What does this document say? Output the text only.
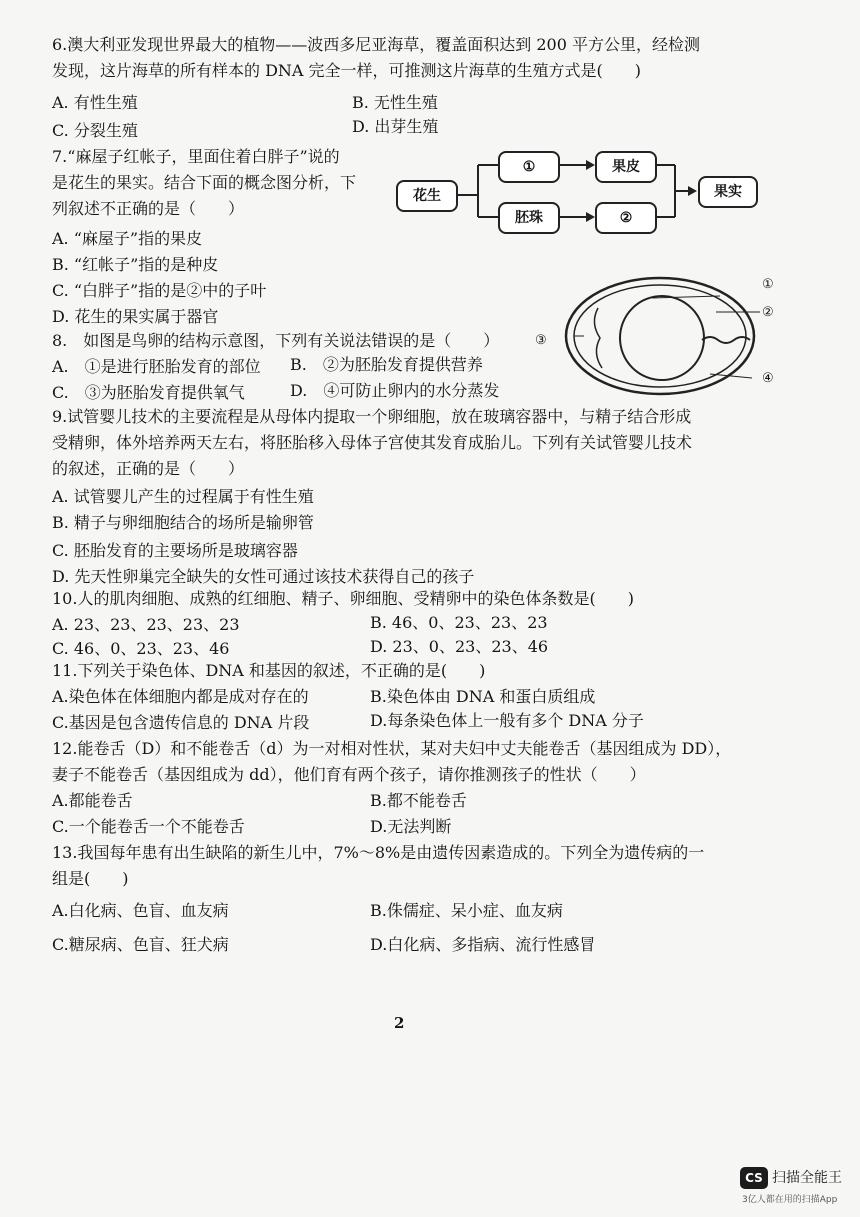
6.澳大利亚发现世界最大的植物——波西多尼亚海草，覆盖面积达到 200 平方公里，经检测
发现，这片海草的所有样本的 DNA 完全一样，可推测这片海草的生殖方式是(　　)
A. 有性生殖	B. 无性生殖
C. 分裂生殖	D. 出芽生殖
7.“麻屋子红帐子，里面住着白胖子”说的
是花生的果实。结合下面的概念图分析，下
列叙述不正确的是（　　）
A. “麻屋子”指的果皮
B. “红帐子”指的是种皮
C. “白胖子”指的是②中的子叶
D. 花生的果实属于器官
花生
①	果皮
胚珠	②
果实
8.　如图是鸟卵的结构示意图，下列有关说法错误的是（　　）
A.　①是进行胚胎发育的部位 B.　②为胚胎发育提供营养
C.　③为胚胎发育提供氧气	D.　④可防止卵内的水分蒸发
①
②
③
④
9.试管婴儿技术的主要流程是从母体内提取一个卵细胞，放在玻璃容器中，与精子结合形成
受精卵，体外培养两天左右，将胚胎移入母体子宫使其发育成胎儿。下列有关试管婴儿技术
的叙述，正确的是（　　）
A. 试管婴儿产生的过程属于有性生殖
B. 精子与卵细胞结合的场所是输卵管
C. 胚胎发育的主要场所是玻璃容器
D. 先天性卵巢完全缺失的女性可通过该技术获得自己的孩子
10.人的肌肉细胞、成熟的红细胞、精子、卵细胞、受精卵中的染色体条数是(　　)
A. 23、23、23、23、23	B. 46、0、23、23、23
C. 46、0、23、23、46	D. 23、0、23、23、46
11.下列关于染色体、DNA 和基因的叙述，不正确的是(　　)
A.染色体在体细胞内都是成对存在的	B.染色体由 DNA 和蛋白质组成
C.基因是包含遗传信息的 DNA 片段	D.每条染色体上一般有多个 DNA 分子
12.能卷舌（D）和不能卷舌（d）为一对相对性状，某对夫妇中丈夫能卷舌（基因组成为 DD），
妻子不能卷舌（基因组成为 dd），他们育有两个孩子，请你推测孩子的性状（　　）
A.都能卷舌	B.都不能卷舌
C.一个能卷舌一个不能卷舌	D.无法判断
13.我国每年患有出生缺陷的新生儿中，7%～8%是由遗传因素造成的。下列全为遗传病的一
组是(　　)
A.白化病、色盲、血友病	B.侏儒症、呆小症、血友病
C.糖尿病、色盲、狂犬病	D.白化病、多指病、流行性感冒
2
CS 扫描全能王
3亿人都在用的扫描App
